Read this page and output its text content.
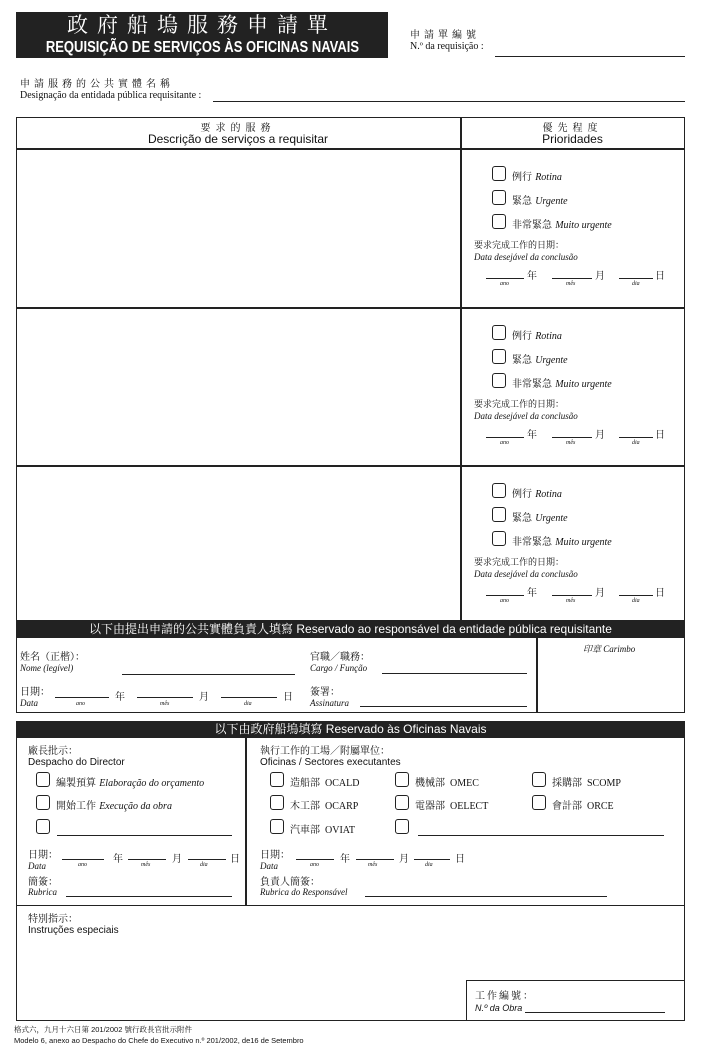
政府船塢服務申請單
REQUISIÇÃO DE SERVIÇOS ÀS OFICINAS NAVAIS
申請單編號
N.º da requisição :
申請服務的公共實體名稱
Designação da entidada pública requisitante :
要求的服務
Descrição de serviços a requisitar
優先程度
Prioridades
例行 Rotina
緊急 Urgente
非常緊急 Muito urgente
要求完成工作的日期：
Data desejável da conclusão
年	月	日
ano	mês	dia
例行 Rotina
緊急 Urgente
非常緊急 Muito urgente
要求完成工作的日期：
Data desejável da conclusão
年	月	日
ano	mês	dia
例行 Rotina
緊急 Urgente
非常緊急 Muito urgente
要求完成工作的日期：
Data desejável da conclusão
年	月	日
ano	mês	dia
以下由提出申請的公共實體負責人填寫 Reservado ao responsável da entidade pública requisitante
姓名（正楷）：
Nome (legível)
官職／職務：
Cargo / Função
日期：
Data	年	月	日
ano	mês	dia
簽署：
Assinatura
印章 Carimbo
以下由政府船塢填寫 Reservado às Oficinas Navais
廠長批示：
Despacho do Director
編製預算 Elaboração do orçamento
開始工作 Execução da obra
日期：
Data
年	月	日
ano	mês	dia
簡簽：
Rubrica
執行工作的工場／附屬單位：
Oficinas / Sectores executantes
造船部  OCALD	機械部  OMEC	採購部  SCOMP
木工部  OCARP	電器部  OELECT	會計部  ORCE
汽車部  OVIAT
日期：
Data
年	月	日
ano	mês	dia
負責人簡簽：
Rubrica do Responsável
特別指示：
Instruções especiais
工作編號：
N.º da Obra
格式六，九月十六日第 201/2002 號行政長官批示附件
Modelo 6, anexo ao Despacho do Chefe do Executivo n.º 201/2002, de16 de Setembro
